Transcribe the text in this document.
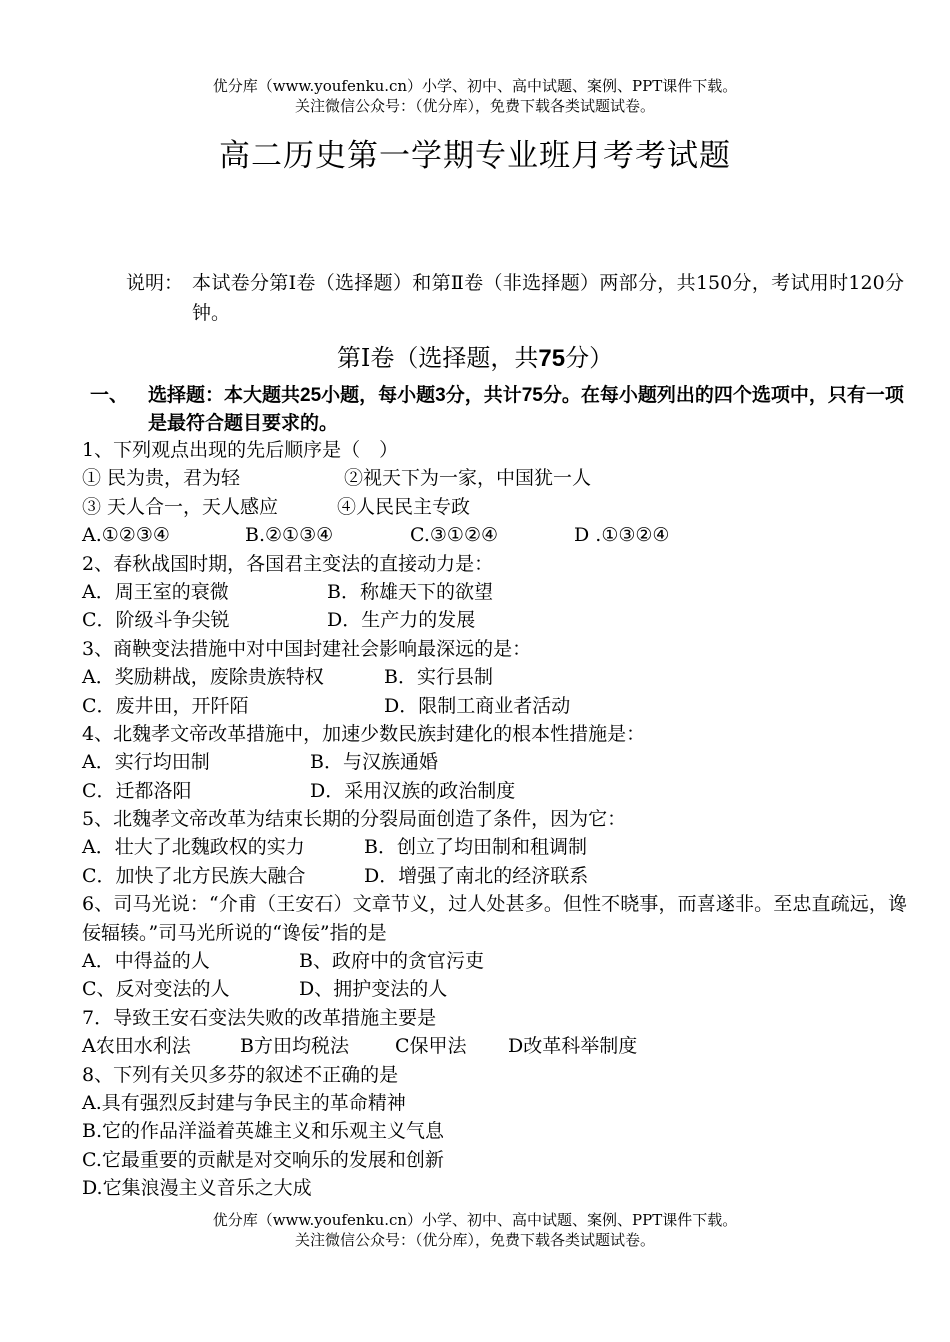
优分库（www.youfenku.cn）小学、初中、高中试题、案例、PPT课件下载。
关注微信公众号：（优分库），免费下载各类试题试卷。
高二历史第一学期专业班月考考试题
说明： 本试卷分第Ⅰ卷（选择题）和第Ⅱ卷（非选择题）两部分，共150分，考试用时120分钟。
第Ⅰ卷（选择题，共75分）
一、 选择题：本大题共25小题，每小题3分，共计75分。在每小题列出的四个选项中，只有一项是最符合题目要求的。
1、下列观点出现的先后顺序是（　）
① 民为贵，君为轻	②视天下为一家，中国犹一人
③ 天人合一，天人感应	④人民民主专政
A.①②③④	B.②①③④	C.③①②④	D .①③②④
2、春秋战国时期，各国君主变法的直接动力是：
A．周王室的衰微	B．称雄天下的欲望
C．阶级斗争尖锐	D．生产力的发展
3、商鞅变法措施中对中国封建社会影响最深远的是：
A．奖励耕战，废除贵族特权	B．实行县制
C．废井田，开阡陌	D．限制工商业者活动
4、北魏孝文帝改革措施中，加速少数民族封建化的根本性措施是：
A．实行均田制	B．与汉族通婚
C．迁都洛阳	D．采用汉族的政治制度
5、北魏孝文帝改革为结束长期的分裂局面创造了条件，因为它：
A．壮大了北魏政权的实力	B．创立了均田制和租调制
C．加快了北方民族大融合	D．增强了南北的经济联系
6、司马光说：“介甫（王安石）文章节义，过人处甚多。但性不晓事，而喜遂非。至忠直疏远，谗佞辐辏。”司马光所说的“谗佞”指的是
A．中得益的人	B、政府中的贪官污吏
C、反对变法的人	D、拥护变法的人
7．导致王安石变法失败的改革措施主要是
A农田水利法	B方田均税法 C保甲法 D改革科举制度
8、下列有关贝多芬的叙述不正确的是
A.具有强烈反封建与争民主的革命精神
B.它的作品洋溢着英雄主义和乐观主义气息
C.它最重要的贡献是对交响乐的发展和创新
D.它集浪漫主义音乐之大成
优分库（www.youfenku.cn）小学、初中、高中试题、案例、PPT课件下载。
关注微信公众号：（优分库），免费下载各类试题试卷。
